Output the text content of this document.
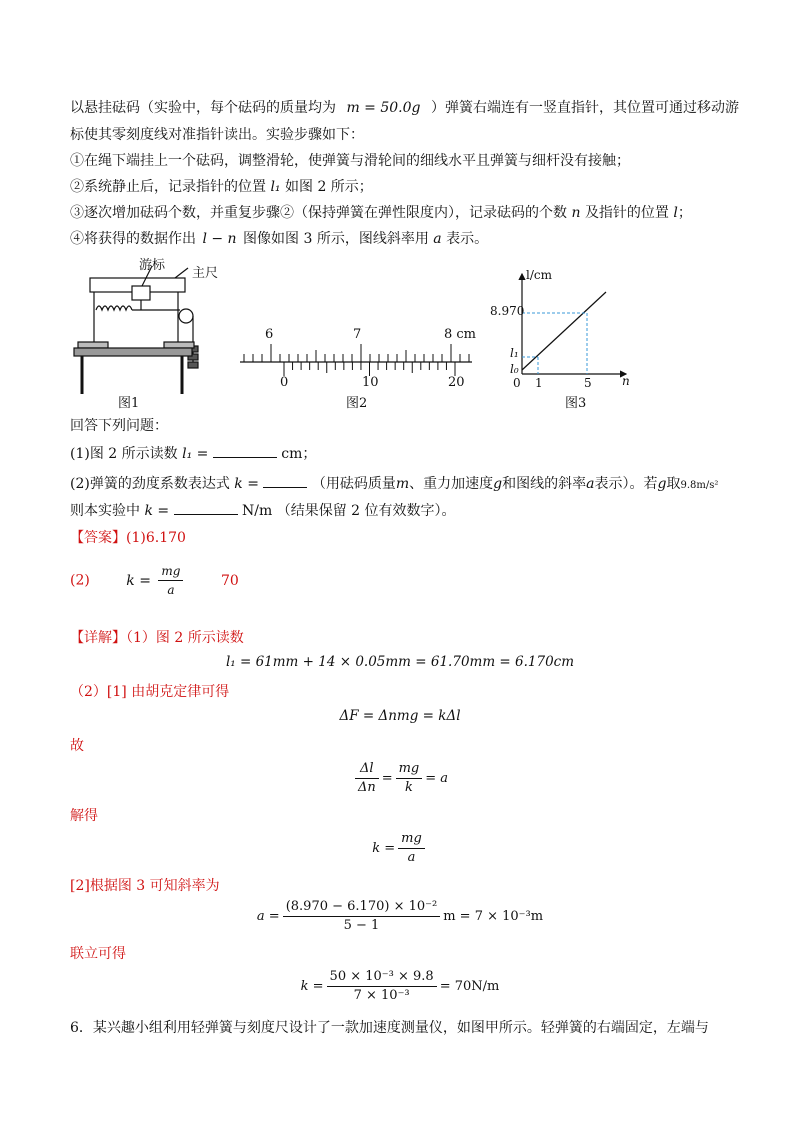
以悬挂砝码（实验中，每个砝码的质量均为 m = 50.0g ）弹簧右端连有一竖直指针，其位置可通过移动游
标使其零刻度线对准指针读出。实验步骤如下：
①在绳下端挂上一个砝码，调整滑轮，使弹簧与滑轮间的细线水平且弹簧与细杆没有接触；
②系统静止后，记录指针的位置 l₁ 如图 2 所示；
③逐次增加砝码个数，并重复步骤②（保持弹簧在弹性限度内），记录砝码的个数 n 及指针的位置 l；
④将获得的数据作出 l − n 图像如图 3 所示，图线斜率用 a 表示。
游标
主尺
图1
6	7	8 cm
0	10	20
图2
l/cm
8.970
l₁
l₀
0 1	5	n
图3
回答下列问题：
(1)图 2 所示读数 l₁ =	cm；
(2)弹簧的劲度系数表达式 k =	（用砝码质量m、重力加速度g和图线的斜率a表示）。若g取9.8m/s²
则本实验中 k =	N/m （结果保留 2 位有效数字）。
【答案】(1)6.170
(2)	$k = \frac{mg}{a}$	70
【详解】（1）图 2 所示读数
l₁ = 61mm + 14 × 0.05mm = 61.70mm = 6.170cm
（2）[1] 由胡克定律可得
ΔF = Δnmg = kΔl
故
$\frac{\Delta l}{\Delta n} = \frac{mg}{k} = a$
解得
$k = \frac{mg}{a}$
[2]根据图 3 可知斜率为
$a = \frac{\text{(8.970 − 6.170) × 10⁻²}}{5 - 1}$ m = 7 × 10⁻³m
联立可得
$k = \frac{\text{50 × 10⁻³ × 9.8}}{\text{7 × 10⁻³}} = 70N/m$
6．某兴趣小组利用轻弹簧与刻度尺设计了一款加速度测量仪，如图甲所示。轻弹簧的右端固定，左端与
